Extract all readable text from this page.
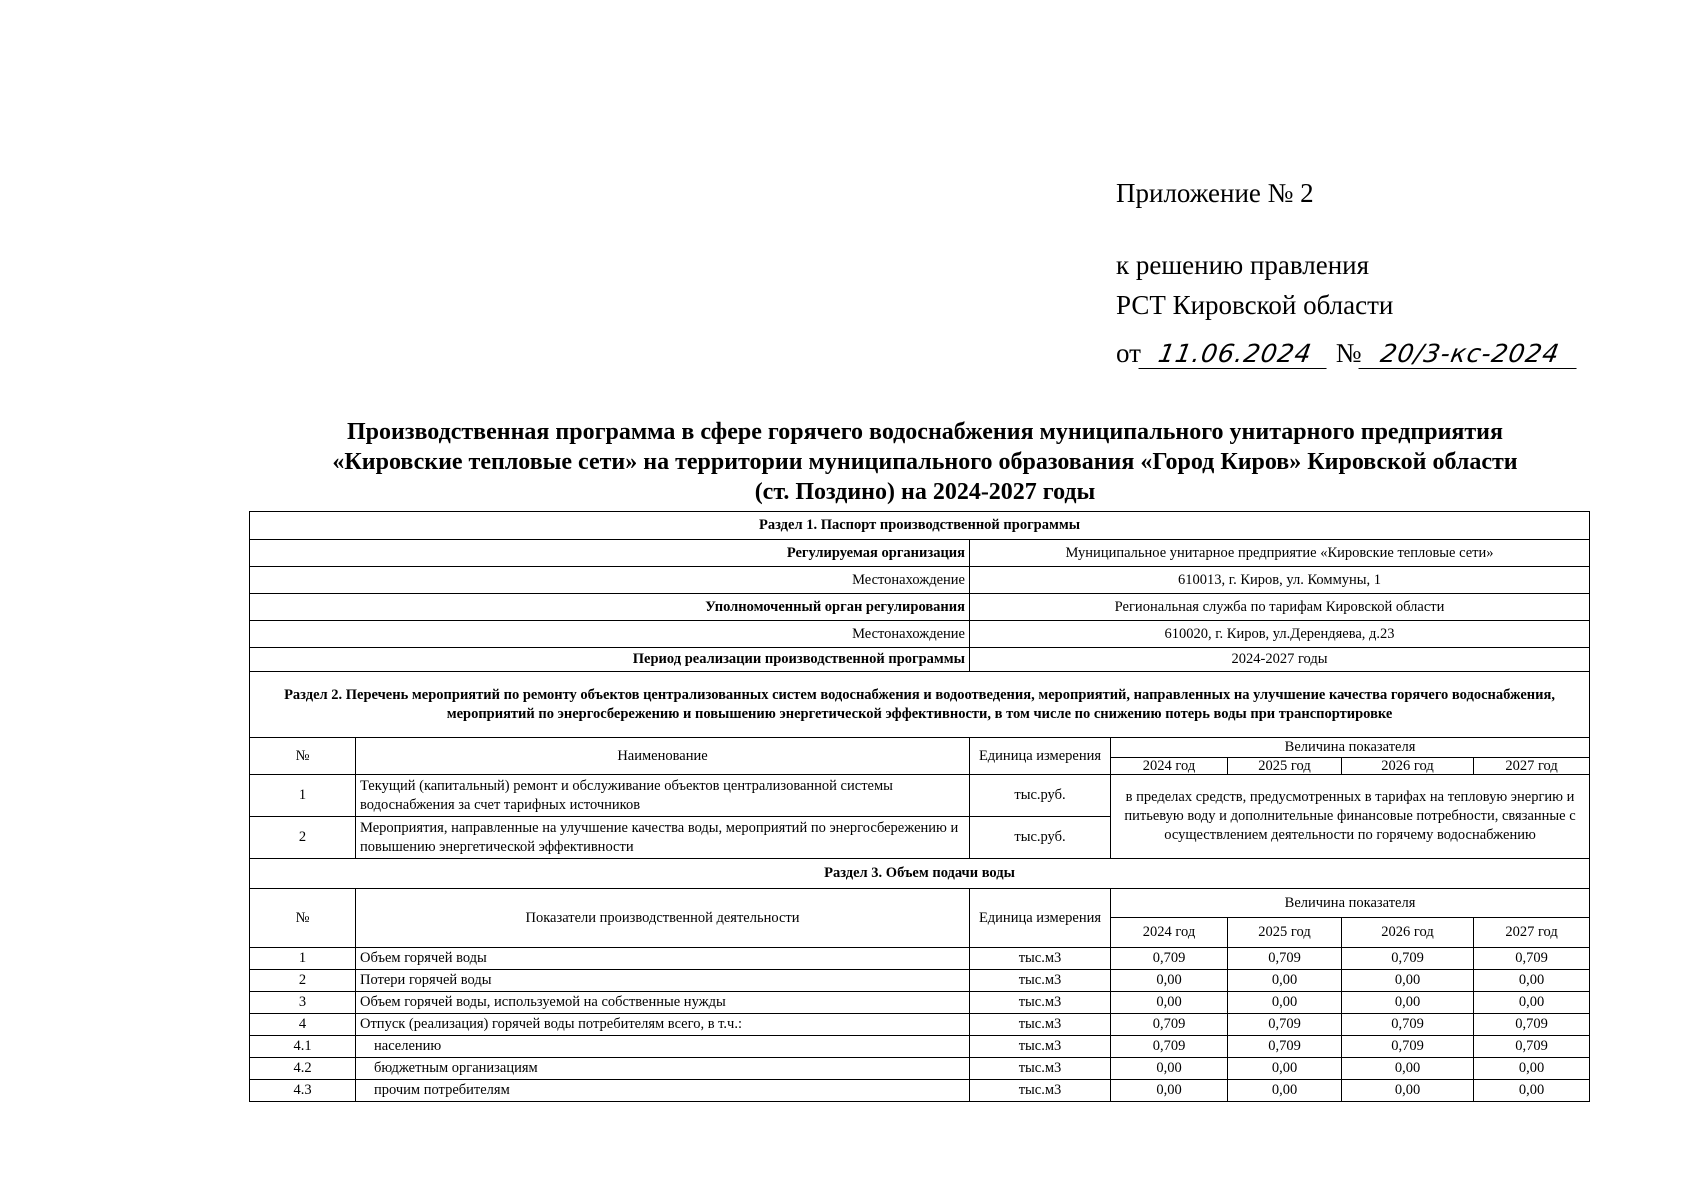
Приложение № 2
к решению правления
РСТ Кировской области
от 11.06.2024 № 20/3-кс-2024
Производственная программа в сфере горячего водоснабжения муниципального унитарного предприятия
«Кировские тепловые сети» на территории муниципального образования «Город Киров» Кировской области
(ст. Поздино) на 2024-2027 годы
Раздел 1. Паспорт производственной программы						
Регулируемая организация		Муниципальное унитарное предприятие «Кировские тепловые сети»				
Местонахождение		610013, г. Киров, ул. Коммуны, 1				
Уполномоченный орган регулирования		Региональная служба по тарифам Кировской области				
Местонахождение		610020, г. Киров, ул.Дерендяева, д.23				
Период реализации производственной программы		2024-2027 годы				
Раздел 2. Перечень мероприятий по ремонту объектов централизованных систем водоснабжения и водоотведения, мероприятий, направленных на улучшение качества горячего водоснабжения, мероприятий по энергосбережению и повышению энергетической эффективности, в том числе по снижению потерь воды при транспортировке						
№	Наименование	Единица измерения	Величина показателя			
			2024 год	2025 год	2026 год	2027 год
1	Текущий (капитальный) ремонт и обслуживание объектов централизованной системы водоснабжения за счет тарифных источников	тыс.руб.	в пределах средств, предусмотренных в тарифах на тепловую энергию и питьевую воду и дополнительные финансовые потребности, связанные с осуществлением деятельности по горячему водоснабжению			
2	Мероприятия, направленные на улучшение качества воды, мероприятий по энергосбережению и повышению энергетической эффективности	тыс.руб.				
Раздел 3. Объем подачи воды						
№	Показатели производственной деятельности	Единица измерения	Величина показателя			
			2024 год	2025 год	2026 год	2027 год
1	Объем горячей воды	тыс.м3	0,709	0,709	0,709	0,709
2	Потери горячей воды	тыс.м3	0,00	0,00	0,00	0,00
3	Объем горячей воды, используемой на собственные нужды	тыс.м3	0,00	0,00	0,00	0,00
4	Отпуск (реализация) горячей воды потребителям всего, в т.ч.:	тыс.м3	0,709	0,709	0,709	0,709
4.1	населению	тыс.м3	0,709	0,709	0,709	0,709
4.2	бюджетным организациям	тыс.м3	0,00	0,00	0,00	0,00
4.3	прочим потребителям	тыс.м3	0,00	0,00	0,00	0,00
